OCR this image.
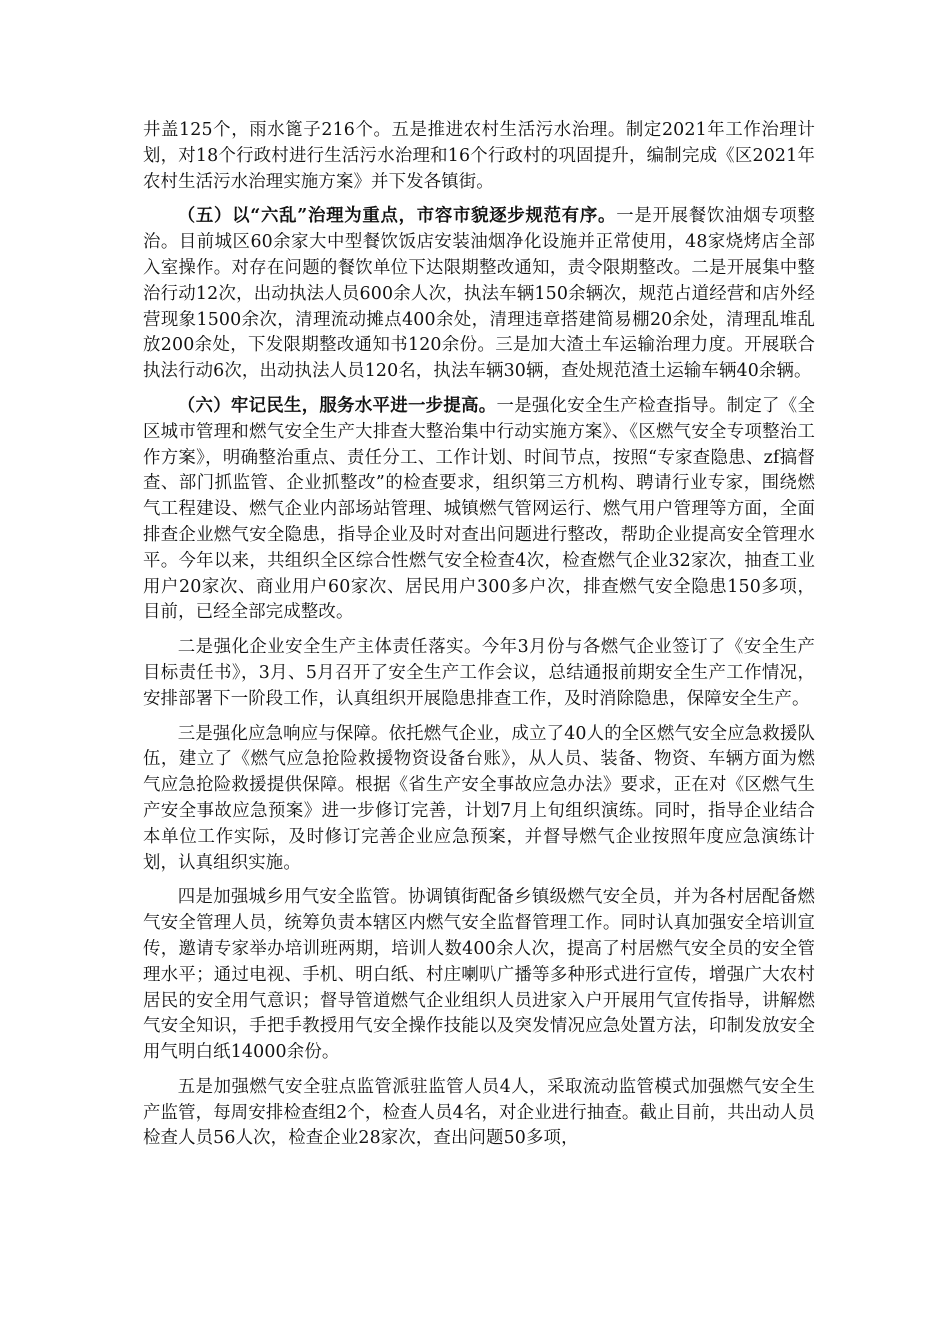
井盖125个，雨水篦子216个。五是推进农村生活污水治理。制定2021年工作治理计划，对18个行政村进行生活污水治理和16个行政村的巩固提升，编制完成《区2021年农村生活污水治理实施方案》并下发各镇街。

（五）以“六乱”治理为重点，市容市貌逐步规范有序。一是开展餐饮油烟专项整治。目前城区60余家大中型餐饮饭店安装油烟净化设施并正常使用，48家烧烤店全部入室操作。对存在问题的餐饮单位下达限期整改通知，责令限期整改。二是开展集中整治行动12次，出动执法人员600余人次，执法车辆150余辆次，规范占道经营和店外经营现象1500余次，清理流动摊点400余处，清理违章搭建简易棚20余处，清理乱堆乱放200余处，下发限期整改通知书120余份。三是加大渣土车运输治理力度。开展联合执法行动6次，出动执法人员120名，执法车辆30辆，查处规范渣土运输车辆40余辆。

（六）牢记民生，服务水平进一步提高。一是强化安全生产检查指导。制定了《全区城市管理和燃气安全生产大排查大整治集中行动实施方案》、《区燃气安全专项整治工作方案》，明确整治重点、责任分工、工作计划、时间节点，按照“专家查隐患、zf搞督查、部门抓监管、企业抓整改”的检查要求，组织第三方机构、聘请行业专家，围绕燃气工程建设、燃气企业内部场站管理、城镇燃气管网运行、燃气用户管理等方面，全面排查企业燃气安全隐患，指导企业及时对查出问题进行整改，帮助企业提高安全管理水平。今年以来，共组织全区综合性燃气安全检查4次，检查燃气企业32家次，抽查工业用户20家次、商业用户60家次、居民用户300多户次，排查燃气安全隐患150多项，目前，已经全部完成整改。

二是强化企业安全生产主体责任落实。今年3月份与各燃气企业签订了《安全生产目标责任书》，3月、5月召开了安全生产工作会议，总结通报前期安全生产工作情况，安排部署下一阶段工作，认真组织开展隐患排查工作，及时消除隐患，保障安全生产。

三是强化应急响应与保障。依托燃气企业，成立了40人的全区燃气安全应急救援队伍，建立了《燃气应急抢险救援物资设备台账》，从人员、装备、物资、车辆方面为燃气应急抢险救援提供保障。根据《省生产安全事故应急办法》要求，正在对《区燃气生产安全事故应急预案》进一步修订完善，计划7月上旬组织演练。同时，指导企业结合本单位工作实际，及时修订完善企业应急预案，并督导燃气企业按照年度应急演练计划，认真组织实施。

四是加强城乡用气安全监管。协调镇街配备乡镇级燃气安全员，并为各村居配备燃气安全管理人员，统筹负责本辖区内燃气安全监督管理工作。同时认真加强安全培训宣传，邀请专家举办培训班两期，培训人数400余人次，提高了村居燃气安全员的安全管理水平；通过电视、手机、明白纸、村庄喇叭广播等多种形式进行宣传，增强广大农村居民的安全用气意识；督导管道燃气企业组织人员进家入户开展用气宣传指导，讲解燃气安全知识，手把手教授用气安全操作技能以及突发情况应急处置方法，印制发放安全用气明白纸14000余份。

五是加强燃气安全驻点监管派驻监管人员4人，采取流动监管模式加强燃气安全生产监管，每周安排检查组2个，检查人员4名，对企业进行抽查。截止目前，共出动人员检查人员56人次，检查企业28家次，查出问题50多项，
